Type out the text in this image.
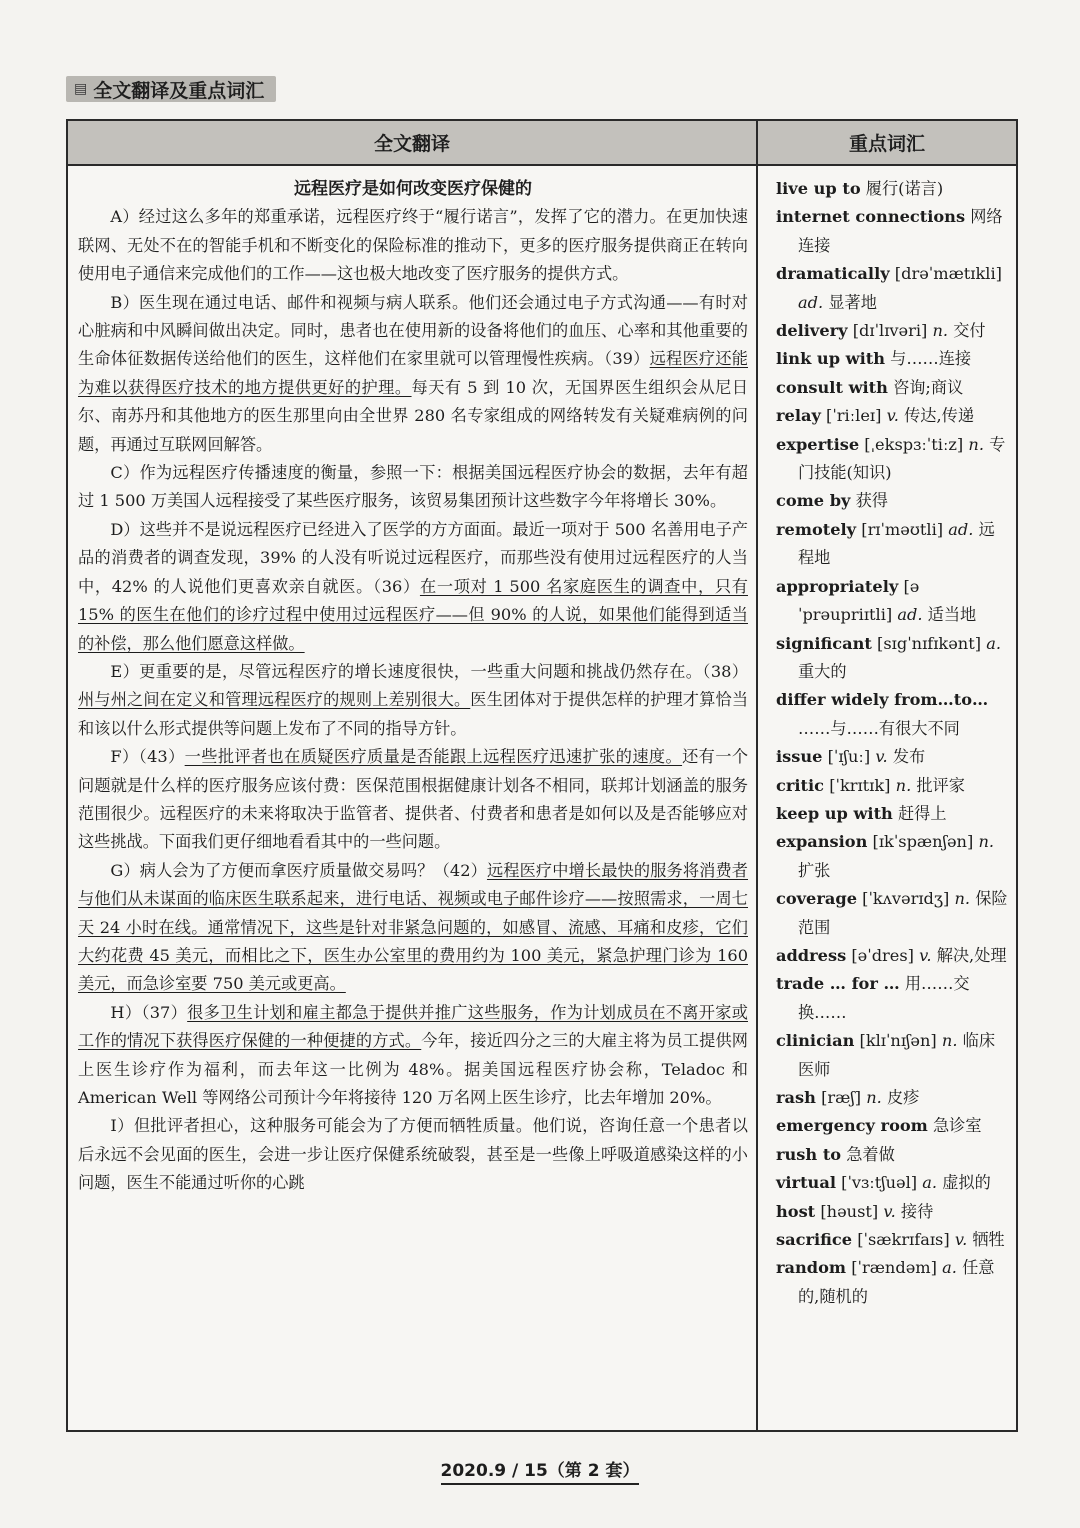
▤ 全文翻译及重点词汇
全文翻译	重点词汇
远程医疗是如何改变医疗保健的

A）经过这么多年的郑重承诺，远程医疗终于“履行诺言”，发挥了它的潜力。在更加快速联网、无处不在的智能手机和不断变化的保险标准的推动下，更多的医疗服务提供商正在转向使用电子通信来完成他们的工作——这也极大地改变了医疗服务的提供方式。

B）医生现在通过电话、邮件和视频与病人联系。他们还会通过电子方式沟通——有时对心脏病和中风瞬间做出决定。同时，患者也在使用新的设备将他们的血压、心率和其他重要的生命体征数据传送给他们的医生，这样他们在家里就可以管理慢性疾病。（39）远程医疗还能为难以获得医疗技术的地方提供更好的护理。每天有 5 到 10 次，无国界医生组织会从尼日尔、南苏丹和其他地方的医生那里向由全世界 280 名专家组成的网络转发有关疑难病例的问题，再通过互联网回解答。

C）作为远程医疗传播速度的衡量，参照一下：根据美国远程医疗协会的数据，去年有超过 1 500 万美国人远程接受了某些医疗服务，该贸易集团预计这些数字今年将增长 30%。

D）这些并不是说远程医疗已经进入了医学的方方面面。最近一项对于 500 名善用电子产品的消费者的调查发现，39% 的人没有听说过远程医疗，而那些没有使用过远程医疗的人当中，42% 的人说他们更喜欢亲自就医。（36）在一项对 1 500 名家庭医生的调查中，只有 15% 的医生在他们的诊疗过程中使用过远程医疗——但 90% 的人说，如果他们能得到适当的补偿，那么他们愿意这样做。

E）更重要的是，尽管远程医疗的增长速度很快，一些重大问题和挑战仍然存在。（38）州与州之间在定义和管理远程医疗的规则上差别很大。医生团体对于提供怎样的护理才算恰当和该以什么形式提供等问题上发布了不同的指导方针。

F）（43）一些批评者也在质疑医疗质量是否能跟上远程医疗迅速扩张的速度。还有一个问题就是什么样的医疗服务应该付费：医保范围根据健康计划各不相同，联邦计划涵盖的服务范围很少。远程医疗的未来将取决于监管者、提供者、付费者和患者是如何以及是否能够应对这些挑战。下面我们更仔细地看看其中的一些问题。

G）病人会为了方便而拿医疗质量做交易吗？（42）远程医疗中增长最快的服务将消费者与他们从未谋面的临床医生联系起来，进行电话、视频或电子邮件诊疗——按照需求，一周七天 24 小时在线。通常情况下，这些是针对非紧急问题的，如感冒、流感、耳痛和皮疹，它们大约花费 45 美元，而相比之下，医生办公室里的费用约为 100 美元，紧急护理门诊为 160 美元，而急诊室要 750 美元或更高。

H）（37）很多卫生计划和雇主都急于提供并推广这些服务，作为计划成员在不离开家或工作的情况下获得医疗保健的一种便捷的方式。今年，接近四分之三的大雇主将为员工提供网上医生诊疗作为福利，而去年这一比例为 48%。据美国远程医疗协会称，Teladoc 和 American Well 等网络公司预计今年将接待 120 万名网上医生诊疗，比去年增加 20%。

I）但批评者担心，这种服务可能会为了方便而牺牲质量。他们说，咨询任意一个患者以后永远不会见面的医生，会进一步让医疗保健系统破裂，甚至是一些像上呼吸道感染这样的小问题，医生不能通过听你的心跳

live up to 履行(诺言)
internet connections 网络连接
dramatically [drəˈmætɪkli] ad. 显著地
delivery [dɪˈlɪvəri] n. 交付
link up with 与……连接
consult with 咨询;商议
relay [ˈriːleɪ] v. 传达,传递
expertise [ˌekspɜːˈtiːz] n. 专门技能(知识)
come by 获得
remotely [rɪˈməʊtli] ad. 远程地
appropriately [əˈprəupriɪtli] ad. 适当地
significant [sɪgˈnɪfɪkənt] a. 重大的
differ widely from…to… ……与……有很大不同
issue [ˈɪʃuː] v. 发布
critic [ˈkrɪtɪk] n. 批评家
keep up with 赶得上
expansion [ɪkˈspænʃən] n. 扩张
coverage [ˈkʌvərɪdʒ] n. 保险范围
address [əˈdres] v. 解决,处理
trade … for … 用……交换……
clinician [klɪˈnɪʃən] n. 临床医师
rash [ræʃ] n. 皮疹
emergency room 急诊室
rush to 急着做
virtual [ˈvɜːtʃuəl] a. 虚拟的
host [həust] v. 接待
sacrifice [ˈsækrɪfaɪs] v. 牺牲
random [ˈrændəm] a. 任意的,随机的
2020.9 / 15（第 2 套）
